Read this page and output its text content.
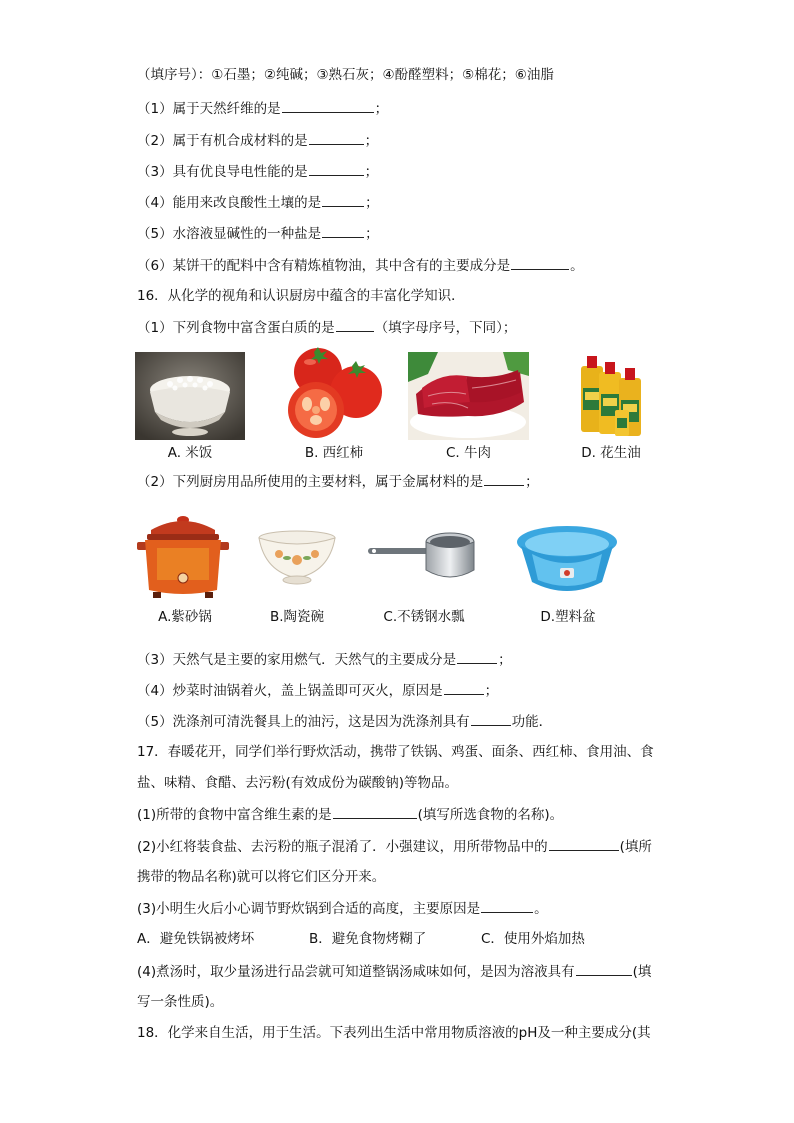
（填序号）：①石墨；②纯碱；③熟石灰；④酚醛塑料；⑤棉花；⑥油脂
（1）属于天然纤维的是	；
（2）属于有机合成材料的是	；
（3）具有优良导电性能的是	；
（4）能用来改良酸性土壤的是	；
（5）水溶液显碱性的一种盐是	；
（6）某饼干的配料中含有精炼植物油，其中含有的主要成分是	。
16．从化学的视角和认识厨房中蕴含的丰富化学知识．
（1）下列食物中富含蛋白质的是	（填字母序号，下同）；
A. 米饭	B. 西红柿	C. 牛肉	D. 花生油
（2）下列厨房用品所使用的主要材料，属于金属材料的是	；
A.紫砂锅	B.陶瓷碗	C.不锈钢水瓢	D.塑料盆
（3）天然气是主要的家用燃气．天然气的主要成分是	；
（4）炒菜时油锅着火，盖上锅盖即可灭火，原因是	；
（5）洗涤剂可清洗餐具上的油污，这是因为洗涤剂具有	功能．
17．春暖花开，同学们举行野炊活动，携带了铁锅、鸡蛋、面条、西红柿、食用油、食
盐、味精、食醋、去污粉(有效成份为碳酸钠)等物品。
(1)所带的食物中富含维生素的是	(填写所选食物的名称)。
(2)小红将装食盐、去污粉的瓶子混淆了．小强建议，用所带物品中的	(填所
携带的物品名称)就可以将它们区分开来。
(3)小明生火后小心调节野炊锅到合适的高度，主要原因是	。
A．避免铁锅被烤坏	B．避免食物烤糊了	C．使用外焰加热
(4)煮汤时，取少量汤进行品尝就可知道整锅汤咸味如何，是因为溶液具有	(填
写一条性质)。
18．化学来自生活，用于生活。下表列出生活中常用物质溶液的pH及一种主要成分(其
